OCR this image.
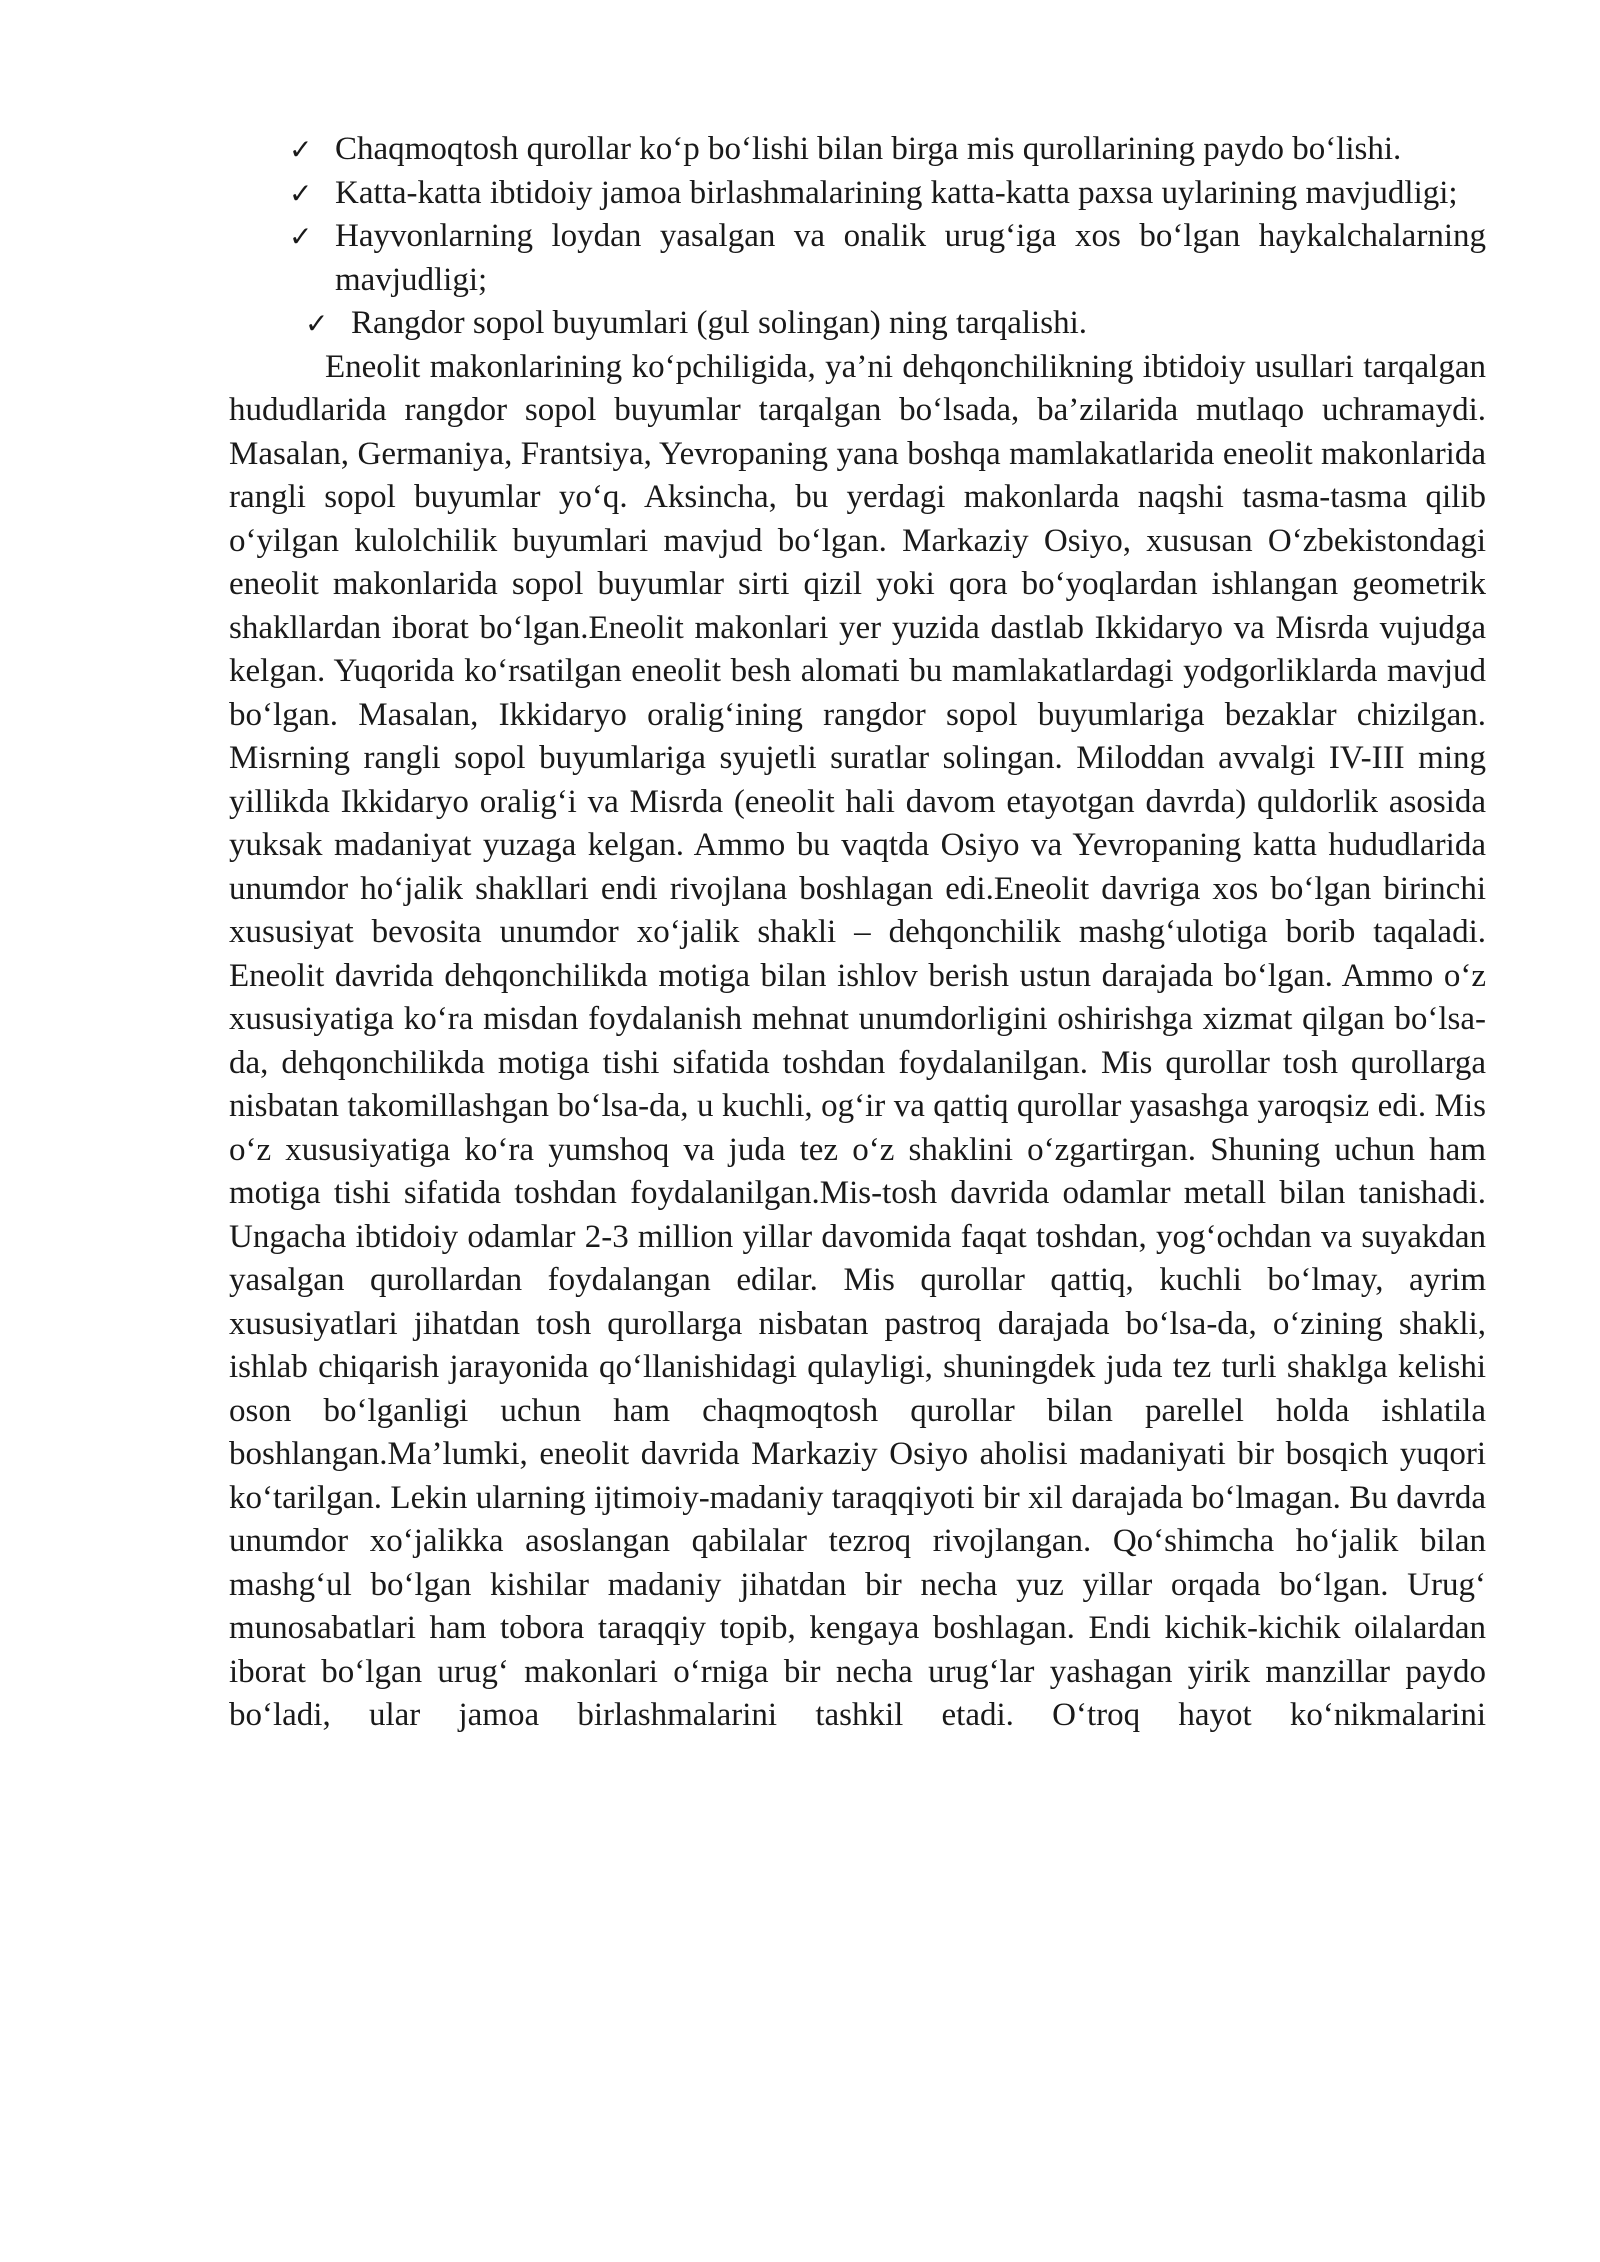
✓ Chaqmoqtosh qurollar ko‘p bo‘lishi bilan birga mis qurollarining paydo bo‘lishi.
✓ Katta-katta ibtidoiy jamoa birlashmalarining katta-katta paxsa uylarining mavjudligi;
✓ Hayvonlarning loydan yasalgan va onalik urug‘iga xos bo‘lgan haykalchalarning mavjudligi;
✓ Rangdor sopol buyumlari (gul solingan) ning tarqalishi.

Eneolit makonlarining ko‘pchiligida, ya’ni dehqonchilikning ibtidoiy usullari tarqalgan hududlarida rangdor sopol buyumlar tarqalgan bo‘lsada, ba’zilarida mutlaqo uchramaydi. Masalan, Germaniya, Frantsiya, Yevropaning yana boshqa mamlakatlarida eneolit makonlarida rangli sopol buyumlar yo‘q. Aksincha, bu yerdagi makonlarda naqshi tasma-tasma qilib o‘yilgan kulolchilik buyumlari mavjud bo‘lgan. Markaziy Osiyo, xususan O‘zbekistondagi eneolit makonlarida sopol buyumlar sirti qizil yoki qora bo‘yoqlardan ishlangan geometrik shakllardan iborat bo‘lgan.Eneolit makonlari yer yuzida dastlab Ikkidaryo va Misrda vujudga kelgan. Yuqorida ko‘rsatilgan eneolit besh alomati bu mamlakatlardagi yodgorliklarda mavjud bo‘lgan. Masalan, Ikkidaryo oralig‘ining rangdor sopol buyumlariga bezaklar chizilgan. Misrning rangli sopol buyumlariga syujetli suratlar solingan. Miloddan avvalgi IV-III ming yillikda Ikkidaryo oralig‘i va Misrda (eneolit hali davom etayotgan davrda) quldorlik asosida yuksak madaniyat yuzaga kelgan. Ammo bu vaqtda Osiyo va Yevropaning katta hududlarida unumdor ho‘jalik shakllari endi rivojlana boshlagan edi.Eneolit davriga xos bo‘lgan birinchi xususiyat bevosita unumdor xo‘jalik shakli – dehqonchilik mashg‘ulotiga borib taqaladi. Eneolit davrida dehqonchilikda motiga bilan ishlov berish ustun darajada bo‘lgan. Ammo o‘z xususiyatiga ko‘ra misdan foydalanish mehnat unumdorligini oshirishga xizmat qilgan bo‘lsa-da, dehqonchilikda motiga tishi sifatida toshdan foydalanilgan. Mis qurollar tosh qurollarga nisbatan takomillashgan bo‘lsa-da, u kuchli, og‘ir va qattiq qurollar yasashga yaroqsiz edi. Mis o‘z xususiyatiga ko‘ra yumshoq va juda tez o‘z shaklini o‘zgartirgan. Shuning uchun ham motiga tishi sifatida toshdan foydalanilgan.Mis-tosh davrida odamlar metall bilan tanishadi. Ungacha ibtidoiy odamlar 2-3 million yillar davomida faqat toshdan, yog‘ochdan va suyakdan yasalgan qurollardan foydalangan edilar. Mis qurollar qattiq, kuchli bo‘lmay, ayrim xususiyatlari jihatdan tosh qurollarga nisbatan pastroq darajada bo‘lsa-da, o‘zining shakli, ishlab chiqarish jarayonida qo‘llanishidagi qulayligi, shuningdek juda tez turli shaklga kelishi oson bo‘lganligi uchun ham chaqmoqtosh qurollar bilan parellel holda ishlatila boshlangan.Ma’lumki, eneolit davrida Markaziy Osiyo aholisi madaniyati bir bosqich yuqori ko‘tarilgan. Lekin ularning ijtimoiy-madaniy taraqqiyoti bir xil darajada bo‘lmagan. Bu davrda unumdor xo‘jalikka asoslangan qabilalar tezroq rivojlangan. Qo‘shimcha ho‘jalik bilan mashg‘ul bo‘lgan kishilar madaniy jihatdan bir necha yuz yillar orqada bo‘lgan. Urug‘ munosabatlari ham tobora taraqqiy topib, kengaya boshlagan. Endi kichik-kichik oilalardan iborat bo‘lgan urug‘ makonlari o‘rniga bir necha urug‘lar yashagan yirik manzillar paydo bo‘ladi, ular jamoa birlashmalarini tashkil etadi. O‘troq hayot ko‘nikmalarini
